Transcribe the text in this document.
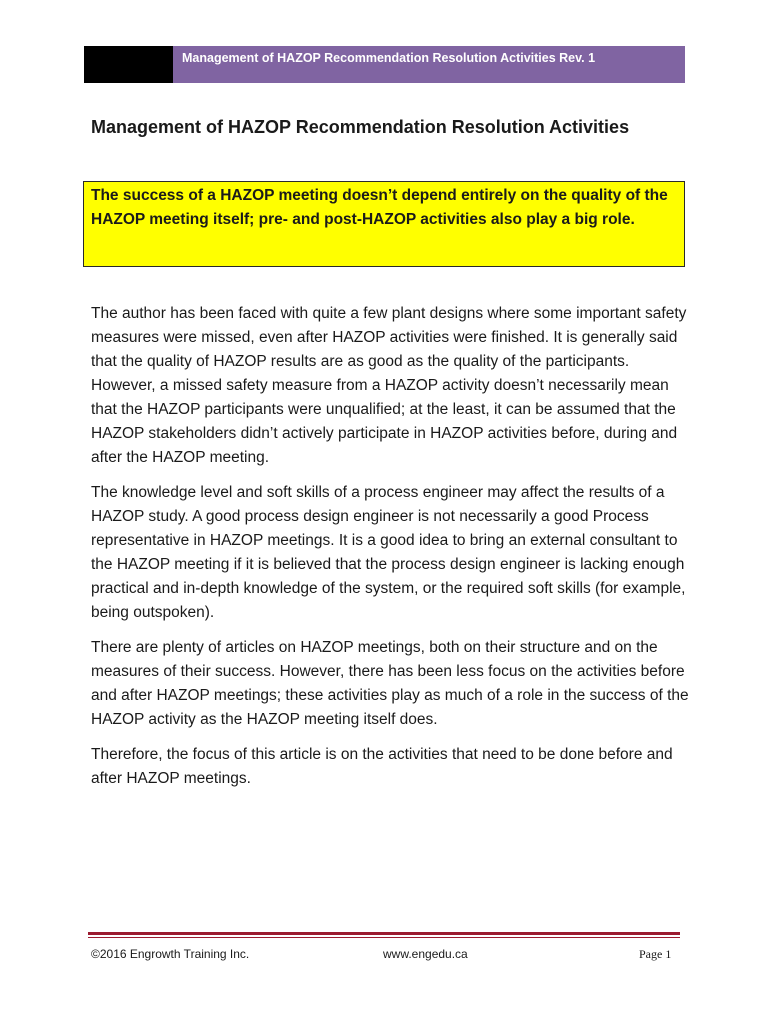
Management of HAZOP Recommendation Resolution Activities Rev. 1
Management of HAZOP Recommendation Resolution Activities
The success of a HAZOP meeting doesn’t depend entirely on the quality of the HAZOP meeting itself; pre- and post-HAZOP activities also play a big role.

The author has been faced with quite a few plant designs where some important safety measures were missed, even after HAZOP activities were finished. It is generally said that the quality of HAZOP results are as good as the quality of the participants. However, a missed safety measure from a HAZOP activity doesn’t necessarily mean that the HAZOP participants were unqualified; at the least, it can be assumed that the HAZOP stakeholders didn’t actively participate in HAZOP activities before, during and after the HAZOP meeting.

The knowledge level and soft skills of a process engineer may affect the results of a HAZOP study. A good process design engineer is not necessarily a good Process representative in HAZOP meetings. It is a good idea to bring an external consultant to the HAZOP meeting if it is believed that the process design engineer is lacking enough practical and in-depth knowledge of the system, or the required soft skills (for example, being outspoken).

There are plenty of articles on HAZOP meetings, both on their structure and on the measures of their success. However, there has been less focus on the activities before and after HAZOP meetings; these activities play as much of a role in the success of the HAZOP activity as the HAZOP meeting itself does.

Therefore, the focus of this article is on the activities that need to be done before and after HAZOP meetings.

©2016 Engrowth Training Inc.	www.engedu.ca	Page 1
